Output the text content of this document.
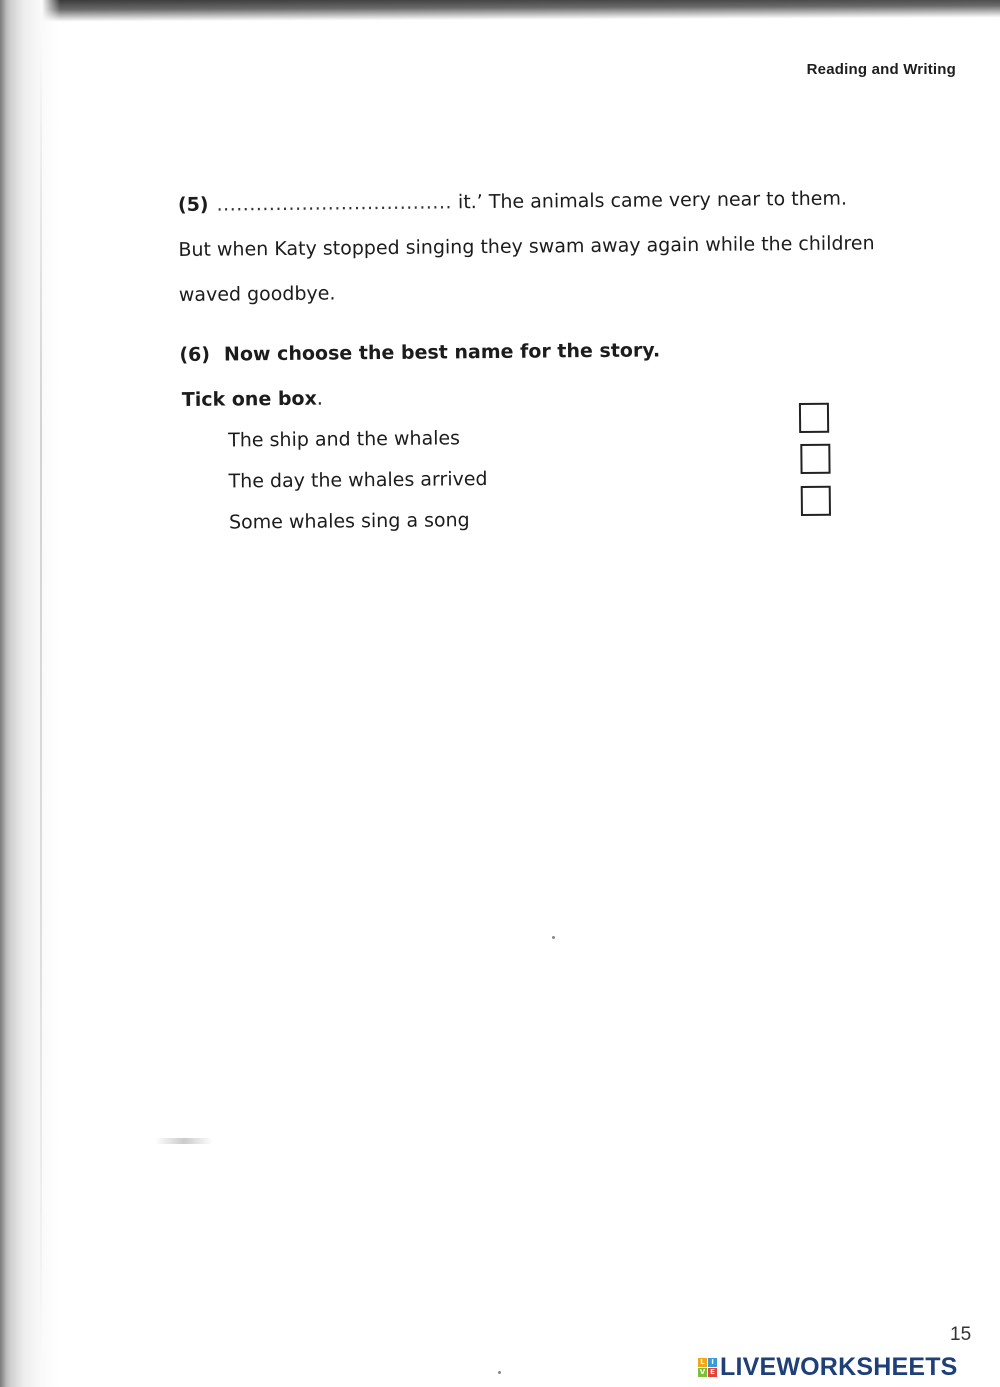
Reading and Writing
(5) .................................... it.’ The animals came very near to them.
But when Katy stopped singing they swam away again while the children
waved goodbye.
(6) Now choose the best name for the story.
Tick one box.
The ship and the whales
The day the whales arrived
Some whales sing a song
15
L I
V E LIVEWORKSHEETS
